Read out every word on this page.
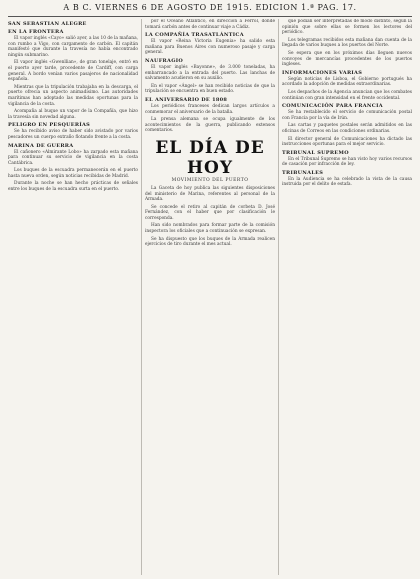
A B C. VIERNES 6 DE AGOSTO DE 1915. EDICION 1.ª PAG. 17.
SAN SEBASTIAN ALEGRE
EN LA FRONTERA

El vapor inglés «Cayo» salió ayer, a las 10 de la mañana, con rumbo a Vigo, con cargamento de carbón. El capitán manifestó que durante la travesía no había encontrado ningún submarino.

El vapor inglés «Gwenllian», de gran tonelaje, entró en el puerto ayer tarde, procedente de Cardiff, con carga general. A bordo venían varios pasajeros de nacionalidad española.

Mientras que la tripulación trabajaba en la descarga, el puerto ofrecía un aspecto animadísimo. Las autoridades marítimas han adoptado las medidas oportunas para la vigilancia de la costa.

Acompaña al buque un vapor de la Compañía, que hizo la travesía sin novedad alguna.

PELIGRO EN PESQUERÍAS

Se ha recibido aviso de haber sido avistado por varios pescadores un cuerpo extraño flotando frente a la costa.

MARINA DE GUERRA

El cañonero «Almirante Lobo» ha zarpado esta mañana para continuar su servicio de vigilancia en la costa Cantábrica.

Los buques de la escuadra permanecerán en el puerto hasta nueva orden, según noticias recibidas de Madrid.

Durante la noche se han hecho prácticas de señales entre los buques de la escuadra surta en el puerto.

por el Océano Atlántico, en dirección a Ferrol, donde tomará carbón antes de continuar viaje a Cádiz.

LA COMPAÑÍA TRASATLÁNTICA

El vapor «Reina Victoria Eugenia» ha salido esta mañana para Buenos Aires con numeroso pasaje y carga general.

NAUFRAGIO

El vapor inglés «Bayonne», de 3.000 toneladas, ha embarrancado a la entrada del puerto. Las lanchas de salvamento acudieron en su auxilio.

En el vapor «Ángel» se han recibido noticias de que la tripulación se encuentra en buen estado.

EL ANIVERSARIO DE 1808

Los periódicos franceses dedican largos artículos a conmemorar el aniversario de la batalla.

La prensa alemana se ocupa igualmente de los acontecimientos de la guerra, publicando extensos comentarios.

EL DÍA DE HOY
MOVIMIENTO DEL PUERTO

La Gaceta de hoy publica las siguientes disposiciones del ministerio de Marina, referentes al personal de la Armada.

Se concede el retiro al capitán de corbeta D. José Fernández, con el haber que por clasificación le corresponda.

Han sido nombrados para formar parte de la comisión inspectora los oficiales que a continuación se expresan.

Se ha dispuesto que los buques de la Armada realicen ejercicios de tiro durante el mes actual.

que podían ser interpretadas de modo distinto, según la opinión que sobre ellas se formen los lectores del periódico.

Los telegramas recibidos esta mañana dan cuenta de la llegada de varios buques a los puertos del Norte.

Se espera que en los próximos días lleguen nuevos convoyes de mercancías procedentes de los puertos ingleses.

INFORMACIONES VARIAS

Según noticias de Lisboa, el Gobierno portugués ha acordado la adopción de medidas extraordinarias.

Los despachos de la Agencia anuncian que los combates continúan con gran intensidad en el frente occidental.

COMUNICACIÓN PARA FRANCIA

Se ha restablecido el servicio de comunicación postal con Francia por la vía de Irún.

Las cartas y paquetes postales serán admitidos en las oficinas de Correos en las condiciones ordinarias.

El director general de Comunicaciones ha dictado las instrucciones oportunas para el mejor servicio.

TRIBUNAL SUPREMO

En el Tribunal Supremo se han visto hoy varios recursos de casación por infracción de ley.

TRIBUNALES

En la Audiencia se ha celebrado la vista de la causa instruida por el delito de estafa.
